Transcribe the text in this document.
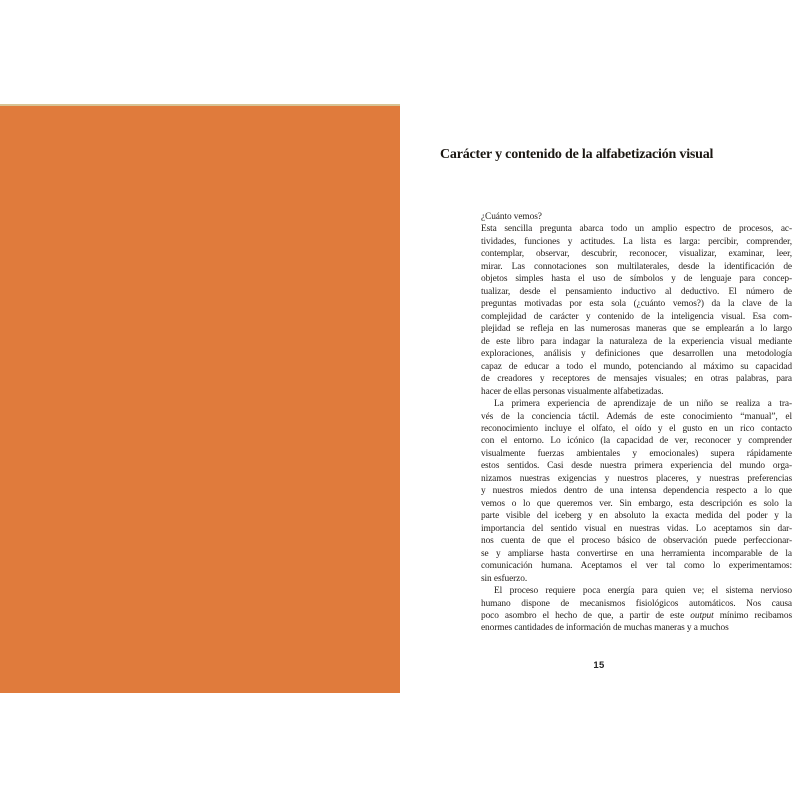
Carácter y contenido de la alfabetización visual
¿Cuánto vemos?
Esta sencilla pregunta abarca todo un amplio espectro de procesos, ac-
tividades, funciones y actitudes. La lista es larga: percibir, comprender,
contemplar, observar, descubrir, reconocer, visualizar, examinar, leer,
mirar. Las connotaciones son multilaterales, desde la identificación de
objetos simples hasta el uso de símbolos y de lenguaje para concep-
tualizar, desde el pensamiento inductivo al deductivo. El número de
preguntas motivadas por esta sola (¿cuánto vemos?) da la clave de la
complejidad de carácter y contenido de la inteligencia visual. Esa com-
plejidad se refleja en las numerosas maneras que se emplearán a lo largo
de este libro para indagar la naturaleza de la experiencia visual mediante
exploraciones, análisis y definiciones que desarrollen una metodología
capaz de educar a todo el mundo, potenciando al máximo su capacidad
de creadores y receptores de mensajes visuales; en otras palabras, para
hacer de ellas personas visualmente alfabetizadas.
La primera experiencia de aprendizaje de un niño se realiza a tra-
vés de la conciencia táctil. Además de este conocimiento “manual”, el
reconocimiento incluye el olfato, el oído y el gusto en un rico contacto
con el entorno. Lo icónico (la capacidad de ver, reconocer y comprender
visualmente fuerzas ambientales y emocionales) supera rápidamente
estos sentidos. Casi desde nuestra primera experiencia del mundo orga-
nizamos nuestras exigencias y nuestros placeres, y nuestras preferencias
y nuestros miedos dentro de una intensa dependencia respecto a lo que
vemos o lo que queremos ver. Sin embargo, esta descripción es solo la
parte visible del iceberg y en absoluto la exacta medida del poder y la
importancia del sentido visual en nuestras vidas. Lo aceptamos sin dar-
nos cuenta de que el proceso básico de observación puede perfeccionar-
se y ampliarse hasta convertirse en una herramienta incomparable de la
comunicación humana. Aceptamos el ver tal como lo experimentamos:
sin esfuerzo.
El proceso requiere poca energía para quien ve; el sistema nervioso
humano dispone de mecanismos fisiológicos automáticos. Nos causa
poco asombro el hecho de que, a partir de este output mínimo recibamos
enormes cantidades de información de muchas maneras y a muchos
15
